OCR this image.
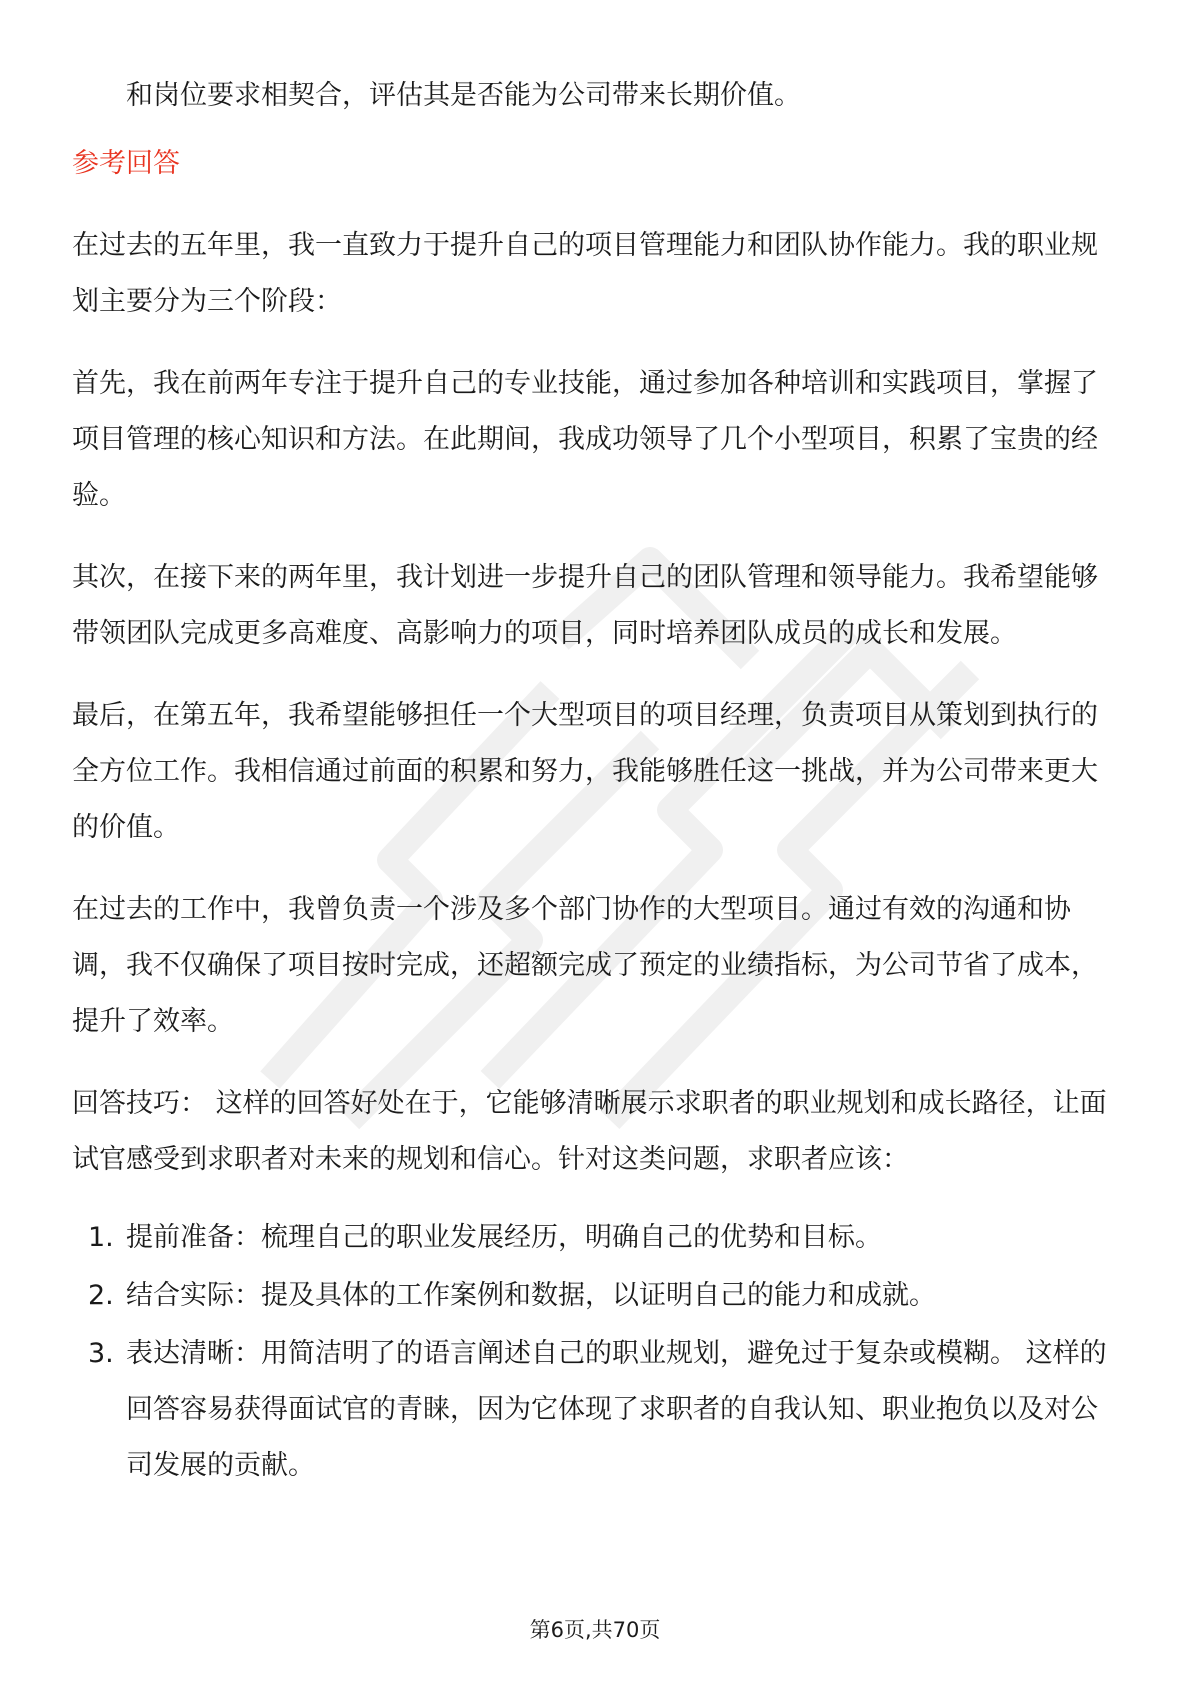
和岗位要求相契合，评估其是否能为公司带来长期价值。

参考回答

在过去的五年里，我一直致力于提升自己的项目管理能力和团队协作能力。我的职业规划主要分为三个阶段：

首先，我在前两年专注于提升自己的专业技能，通过参加各种培训和实践项目，掌握了项目管理的核心知识和方法。在此期间，我成功领导了几个小型项目，积累了宝贵的经验。

其次，在接下来的两年里，我计划进一步提升自己的团队管理和领导能力。我希望能够带领团队完成更多高难度、高影响力的项目，同时培养团队成员的成长和发展。

最后，在第五年，我希望能够担任一个大型项目的项目经理，负责项目从策划到执行的全方位工作。我相信通过前面的积累和努力，我能够胜任这一挑战，并为公司带来更大的价值。

在过去的工作中，我曾负责一个涉及多个部门协作的大型项目。通过有效的沟通和协调，我不仅确保了项目按时完成，还超额完成了预定的业绩指标，为公司节省了成本，提升了效率。

回答技巧： 这样的回答好处在于，它能够清晰展示求职者的职业规划和成长路径，让面试官感受到求职者对未来的规划和信心。针对这类问题，求职者应该：

1. 提前准备：梳理自己的职业发展经历，明确自己的优势和目标。
2. 结合实际：提及具体的工作案例和数据，以证明自己的能力和成就。
3. 表达清晰：用简洁明了的语言阐述自己的职业规划，避免过于复杂或模糊。 这样的回答容易获得面试官的青睐，因为它体现了求职者的自我认知、职业抱负以及对公司发展的贡献。
第6页,共70页
